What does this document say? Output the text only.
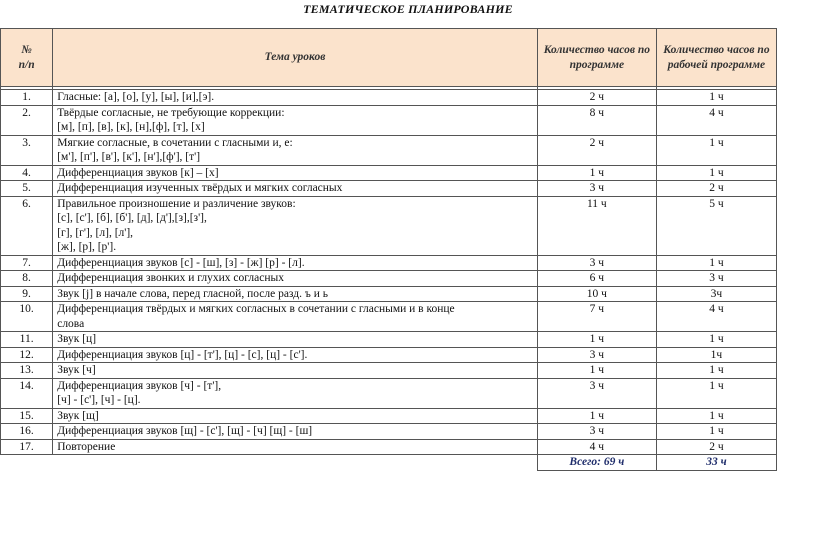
ТЕМАТИЧЕСКОЕ ПЛАНИРОВАНИЕ
№
п/п	Тема уроков	Количество часов по программе	Количество часов по рабочей программе

1.	Гласные: [а], [о], [у], [ы], [и],[э].	2 ч	1 ч
2.	Твёрдые согласные, не требующие коррекции:
[м], [п], [в], [к], [н],[ф], [т], [х]	8 ч	4 ч
3.	Мягкие согласные, в сочетании с гласными и, е:
[м'], [п'], [в'], [к'], [н'],[ф'], [т']	2 ч	1 ч
4.	Дифференциация звуков [к] – [х]	1 ч	1 ч
5.	Дифференциация изученных твёрдых и мягких согласных	3 ч	2 ч
6.	Правильное произношение и различение звуков:
[с], [с'], [б], [б'], [д], [д'],[з],[з'],
[г], [г'], [л], [л'],
[ж], [р], [р'].	11 ч	5 ч
7.	Дифференциация звуков [с] - [ш], [з] - [ж] [р] - [л].	3 ч	1 ч
8.	Дифференциация звонких и глухих согласных	6 ч	3 ч
9.	Звук [j] в начале слова, перед гласной, после разд. ъ и ь	10 ч	3ч
10.	Дифференциация твёрдых и мягких согласных в сочетании с гласными и в конце
слова	7 ч	4 ч
11.	Звук [ц]	1 ч	1 ч
12.	Дифференциация звуков [ц] - [т'], [ц] - [с], [ц] - [с'].	3 ч	1ч
13.	Звук [ч]	1 ч	1 ч
14.	Дифференциация звуков [ч] - [т'],
[ч] - [с'], [ч] - [ц].	3 ч	1 ч
15.	Звук [щ]	1 ч	1 ч
16.	Дифференциация звуков [щ] - [с'], [щ] - [ч] [щ] - [ш]	3 ч	1 ч
17.	Повторение	4 ч	2 ч
		Всего: 69 ч	33 ч
